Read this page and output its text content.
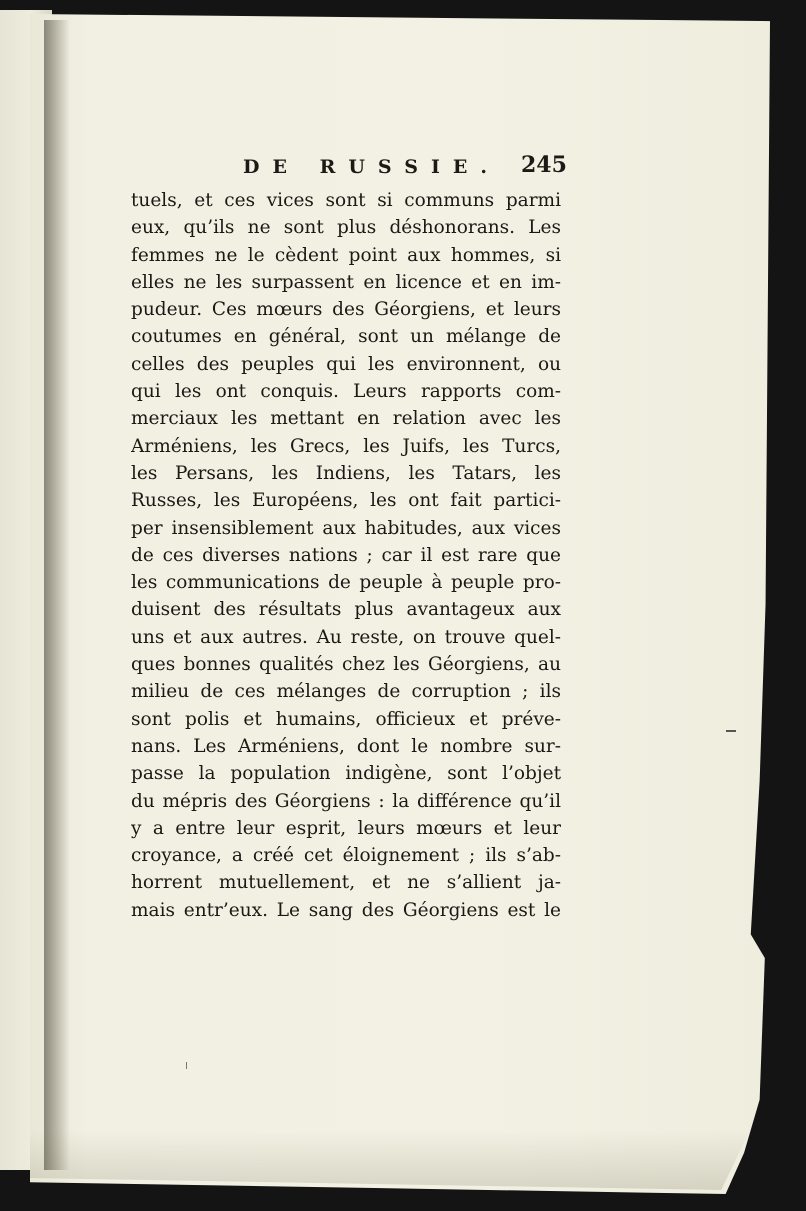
DE RUSSIE. 245
tuels, et ces vices sont si communs parmi
eux, qu’ils ne sont plus déshonorans. Les
femmes ne le cèdent point aux hommes, si
elles ne les surpassent en licence et en im-
pudeur. Ces mœurs des Géorgiens, et leurs
coutumes en général, sont un mélange de
celles des peuples qui les environnent, ou
qui les ont conquis. Leurs rapports com-
merciaux les mettant en relation avec les
Arméniens, les Grecs, les Juifs, les Turcs,
les Persans, les Indiens, les Tatars, les
Russes, les Européens, les ont fait partici-
per insensiblement aux habitudes, aux vices
de ces diverses nations ; car il est rare que
les communications de peuple à peuple pro-
duisent des résultats plus avantageux aux
uns et aux autres. Au reste, on trouve quel-
ques bonnes qualités chez les Géorgiens, au
milieu de ces mélanges de corruption ; ils
sont polis et humains, officieux et préve-
nans. Les Arméniens, dont le nombre sur-
passe la population indigène, sont l’objet
du mépris des Géorgiens : la différence qu’il
y a entre leur esprit, leurs mœurs et leur
croyance, a créé cet éloignement ; ils s’ab-
horrent mutuellement, et ne s’allient ja-
mais entr’eux. Le sang des Géorgiens est le
